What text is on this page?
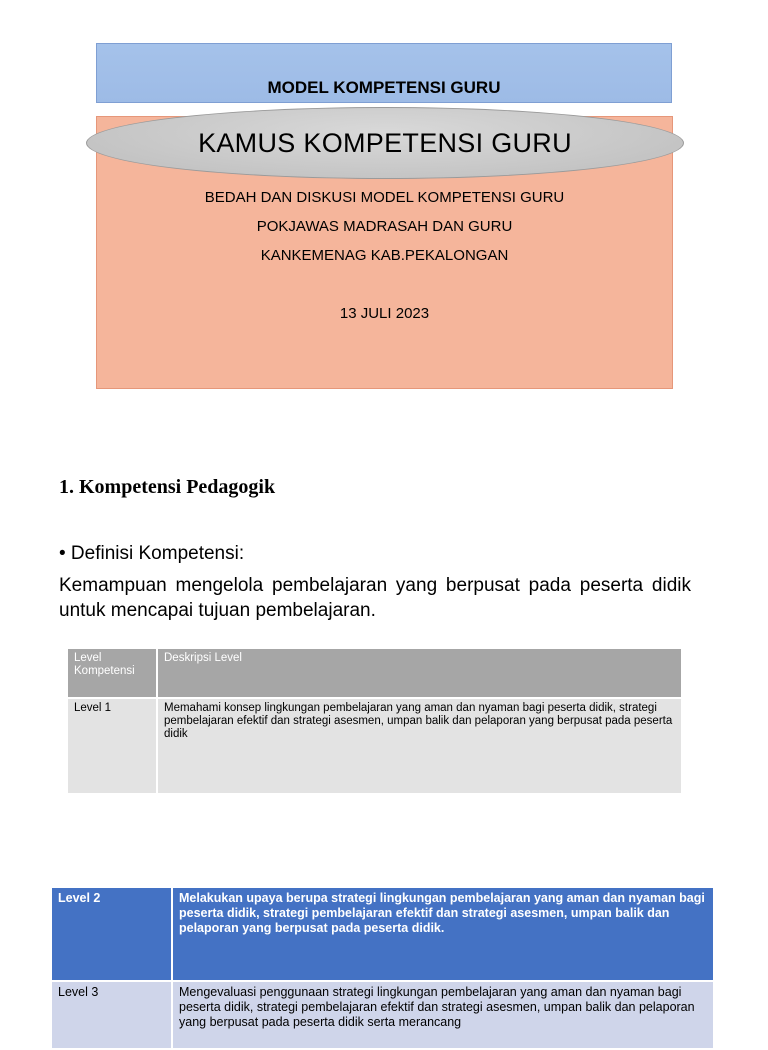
MODEL KOMPETENSI GURU
KAMUS KOMPETENSI GURU
BEDAH DAN DISKUSI MODEL KOMPETENSI GURU
POKJAWAS MADRASAH DAN GURU
KANKEMENAG KAB.PEKALONGAN
13 JULI 2023
1. Kompetensi Pedagogik
• Definisi Kompetensi:
Kemampuan mengelola pembelajaran yang berpusat pada peserta didik untuk mencapai tujuan pembelajaran.
Level Kompetensi	Deskripsi Level
Level 1	Memahami konsep lingkungan pembelajaran yang aman dan nyaman bagi peserta didik, strategi pembelajaran efektif dan strategi asesmen, umpan balik dan pelaporan yang berpusat pada peserta didik
Level 2	Melakukan upaya berupa strategi lingkungan pembelajaran yang aman dan nyaman bagi peserta didik, strategi pembelajaran efektif dan strategi asesmen, umpan balik dan pelaporan yang berpusat pada peserta didik.
Level 3	Mengevaluasi penggunaan strategi lingkungan pembelajaran yang aman dan nyaman bagi peserta didik, strategi pembelajaran efektif dan strategi asesmen, umpan balik dan pelaporan yang berpusat pada peserta didik serta merancang
